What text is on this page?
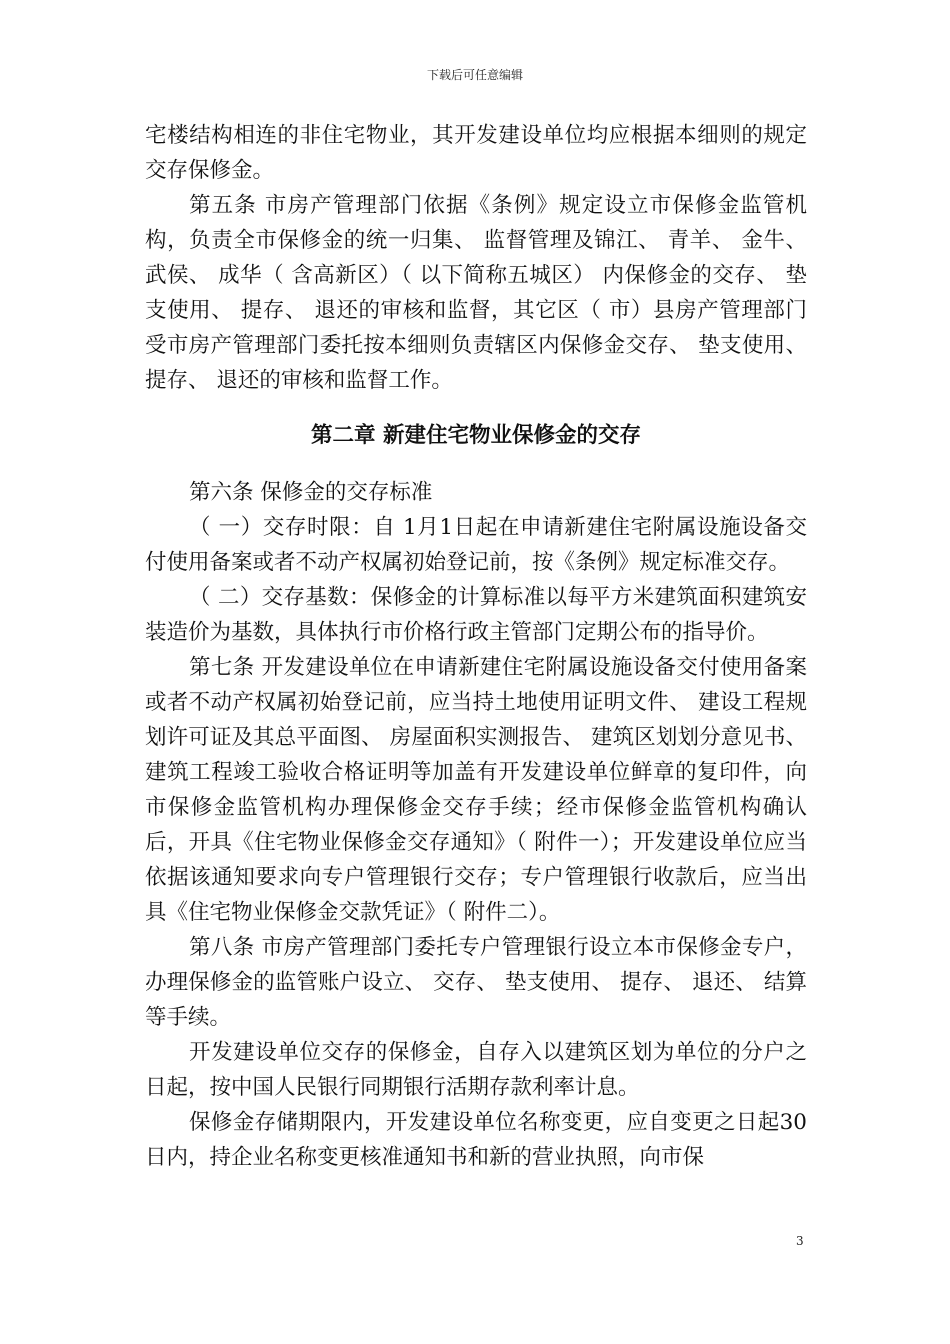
下载后可任意编辑

宅楼结构相连的非住宅物业，其开发建设单位均应根据本细则的规定交存保修金。

第五条 市房产管理部门依据《条例》规定设立市保修金监管机构，负责全市保修金的统一归集、 监督管理及锦江、 青羊、 金牛、 武侯、 成华（ 含高新区）（ 以下简称五城区） 内保修金的交存、 垫支使用、 提存、 退还的审核和监督，其它区（ 市）县房产管理部门受市房产管理部门委托按本细则负责辖区内保修金交存、 垫支使用、 提存、 退还的审核和监督工作。

第二章 新建住宅物业保修金的交存

第六条 保修金的交存标准

（ 一）交存时限：自 1月1日起在申请新建住宅附属设施设备交付使用备案或者不动产权属初始登记前，按《条例》规定标准交存。

（ 二）交存基数：保修金的计算标准以每平方米建筑面积建筑安装造价为基数，具体执行市价格行政主管部门定期公布的指导价。

第七条 开发建设单位在申请新建住宅附属设施设备交付使用备案或者不动产权属初始登记前，应当持土地使用证明文件、 建设工程规划许可证及其总平面图、 房屋面积实测报告、 建筑区划划分意见书、 建筑工程竣工验收合格证明等加盖有开发建设单位鲜章的复印件，向市保修金监管机构办理保修金交存手续；经市保修金监管机构确认后，开具《住宅物业保修金交存通知》（ 附件一）；开发建设单位应当依据该通知要求向专户管理银行交存；专户管理银行收款后，应当出具《住宅物业保修金交款凭证》（ 附件二）。

第八条 市房产管理部门委托专户管理银行设立本市保修金专户，办理保修金的监管账户设立、 交存、 垫支使用、 提存、 退还、 结算等手续。

开发建设单位交存的保修金，自存入以建筑区划为单位的分户之日起，按中国人民银行同期银行活期存款利率计息。

保修金存储期限内，开发建设单位名称变更，应自变更之日起30日内，持企业名称变更核准通知书和新的营业执照，向市保

3
